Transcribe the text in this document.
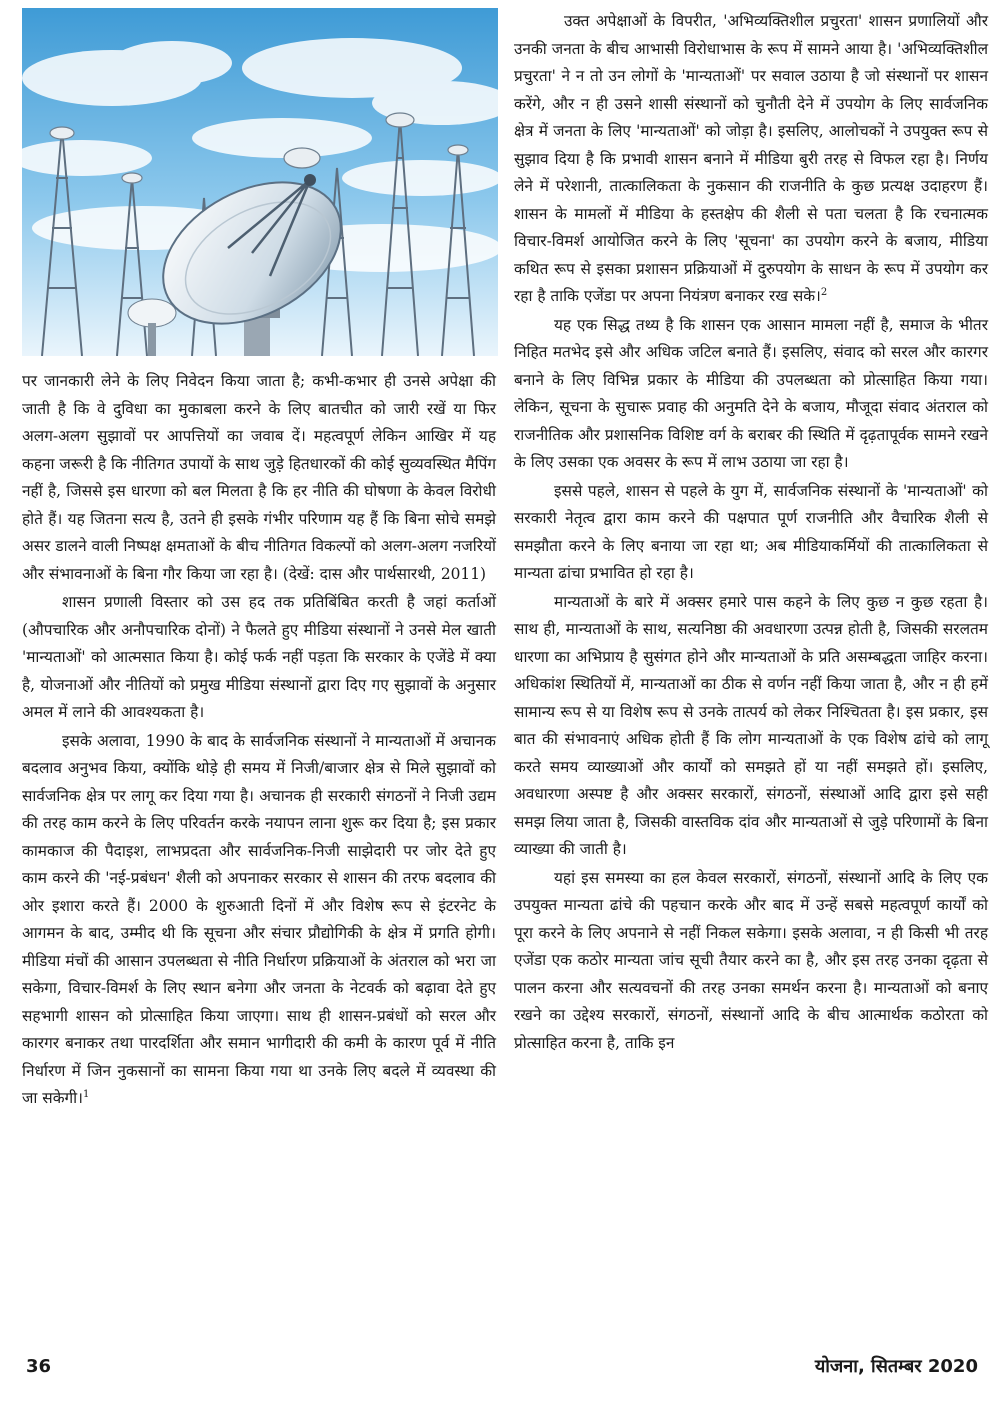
पर जानकारी लेने के लिए निवेदन किया जाता है; कभी-कभार ही उनसे अपेक्षा की जाती है कि वे दुविधा का मुकाबला करने के लिए बातचीत को जारी रखें या फिर अलग-अलग सुझावों पर आपत्तियों का जवाब दें। महत्वपूर्ण लेकिन आखिर में यह कहना जरूरी है कि नीतिगत उपायों के साथ जुड़े हितधारकों की कोई सुव्यवस्थित मैपिंग नहीं है, जिससे इस धारणा को बल मिलता है कि हर नीति की घोषणा के केवल विरोधी होते हैं। यह जितना सत्य है, उतने ही इसके गंभीर परिणाम यह हैं कि बिना सोचे समझे असर डालने वाली निष्पक्ष क्षमताओं के बीच नीतिगत विकल्पों को अलग-अलग नजरियों और संभावनाओं के बिना गौर किया जा रहा है। (देखें: दास और पार्थसारथी, 2011)

शासन प्रणाली विस्तार को उस हद तक प्रतिबिंबित करती है जहां कर्ताओं (औपचारिक और अनौपचारिक दोनों) ने फैलते हुए मीडिया संस्थानों ने उनसे मेल खाती 'मान्यताओं' को आत्मसात किया है। कोई फर्क नहीं पड़ता कि सरकार के एजेंडे में क्या है, योजनाओं और नीतियों को प्रमुख मीडिया संस्थानों द्वारा दिए गए सुझावों के अनुसार अमल में लाने की आवश्यकता है।

इसके अलावा, 1990 के बाद के सार्वजनिक संस्थानों ने मान्यताओं में अचानक बदलाव अनुभव किया, क्योंकि थोड़े ही समय में निजी/बाजार क्षेत्र से मिले सुझावों को सार्वजनिक क्षेत्र पर लागू कर दिया गया है। अचानक ही सरकारी संगठनों ने निजी उद्यम की तरह काम करने के लिए परिवर्तन करके नयापन लाना शुरू कर दिया है; इस प्रकार कामकाज की पैदाइश, लाभप्रदता और सार्वजनिक-निजी साझेदारी पर जोर देते हुए काम करने की 'नई-प्रबंधन' शैली को अपनाकर सरकार से शासन की तरफ बदलाव की ओर इशारा करते हैं। 2000 के शुरुआती दिनों में और विशेष रूप से इंटरनेट के आगमन के बाद, उम्मीद थी कि सूचना और संचार प्रौद्योगिकी के क्षेत्र में प्रगति होगी। मीडिया मंचों की आसान उपलब्धता से नीति निर्धारण प्रक्रियाओं के अंतराल को भरा जा सकेगा, विचार-विमर्श के लिए स्थान बनेगा और जनता के नेटवर्क को बढ़ावा देते हुए सहभागी शासन को प्रोत्साहित किया जाएगा। साथ ही शासन-प्रबंधों को सरल और कारगर बनाकर तथा पारदर्शिता और समान भागीदारी की कमी के कारण पूर्व में नीति निर्धारण में जिन नुकसानों का सामना किया गया था उनके लिए बदले में व्यवस्था की जा सकेगी।$^1$

उक्त अपेक्षाओं के विपरीत, 'अभिव्यक्तिशील प्रचुरता' शासन प्रणालियों और उनकी जनता के बीच आभासी विरोधाभास के रूप में सामने आया है। 'अभिव्यक्तिशील प्रचुरता' ने न तो उन लोगों के 'मान्यताओं' पर सवाल उठाया है जो संस्थानों पर शासन करेंगे, और न ही उसने शासी संस्थानों को चुनौती देने में उपयोग के लिए सार्वजनिक क्षेत्र में जनता के लिए 'मान्यताओं' को जोड़ा है। इसलिए, आलोचकों ने उपयुक्त रूप से सुझाव दिया है कि प्रभावी शासन बनाने में मीडिया बुरी तरह से विफल रहा है। निर्णय लेने में परेशानी, तात्कालिकता के नुकसान की राजनीति के कुछ प्रत्यक्ष उदाहरण हैं। शासन के मामलों में मीडिया के हस्तक्षेप की शैली से पता चलता है कि रचनात्मक विचार-विमर्श आयोजित करने के लिए 'सूचना' का उपयोग करने के बजाय, मीडिया कथित रूप से इसका प्रशासन प्रक्रियाओं में दुरुपयोग के साधन के रूप में उपयोग कर रहा है ताकि एजेंडा पर अपना नियंत्रण बनाकर रख सके।$^2$

यह एक सिद्ध तथ्य है कि शासन एक आसान मामला नहीं है, समाज के भीतर निहित मतभेद इसे और अधिक जटिल बनाते हैं। इसलिए, संवाद को सरल और कारगर बनाने के लिए विभिन्न प्रकार के मीडिया की उपलब्धता को प्रोत्साहित किया गया। लेकिन, सूचना के सुचारू प्रवाह की अनुमति देने के बजाय, मौजूदा संवाद अंतराल को राजनीतिक और प्रशासनिक विशिष्ट वर्ग के बराबर की स्थिति में दृढ़तापूर्वक सामने रखने के लिए उसका एक अवसर के रूप में लाभ उठाया जा रहा है।

इससे पहले, शासन से पहले के युग में, सार्वजनिक संस्थानों के 'मान्यताओं' को सरकारी नेतृत्व द्वारा काम करने की पक्षपात पूर्ण राजनीति और वैचारिक शैली से समझौता करने के लिए बनाया जा रहा था; अब मीडियाकर्मियों की तात्कालिकता से मान्यता ढांचा प्रभावित हो रहा है।

मान्यताओं के बारे में अक्सर हमारे पास कहने के लिए कुछ न कुछ रहता है। साथ ही, मान्यताओं के साथ, सत्यनिष्ठा की अवधारणा उत्पन्न होती है, जिसकी सरलतम धारणा का अभिप्राय है सुसंगत होने और मान्यताओं के प्रति असम्बद्धता जाहिर करना। अधिकांश स्थितियों में, मान्यताओं का ठीक से वर्णन नहीं किया जाता है, और न ही हमें सामान्य रूप से या विशेष रूप से उनके तात्पर्य को लेकर निश्चितता है। इस प्रकार, इस बात की संभावनाएं अधिक होती हैं कि लोग मान्यताओं के एक विशेष ढांचे को लागू करते समय व्याख्याओं और कार्यों को समझते हों या नहीं समझते हों। इसलिए, अवधारणा अस्पष्ट है और अक्सर सरकारों, संगठनों, संस्थाओं आदि द्वारा इसे सही समझ लिया जाता है, जिसकी वास्तविक दांव और मान्यताओं से जुड़े परिणामों के बिना व्याख्या की जाती है।

यहां इस समस्या का हल केवल सरकारों, संगठनों, संस्थानों आदि के लिए एक उपयुक्त मान्यता ढांचे की पहचान करके और बाद में उन्हें सबसे महत्वपूर्ण कार्यों को पूरा करने के लिए अपनाने से नहीं निकल सकेगा। इसके अलावा, न ही किसी भी तरह एजेंडा एक कठोर मान्यता जांच सूची तैयार करने का है, और इस तरह उनका दृढ़ता से पालन करना और सत्यवचनों की तरह उनका समर्थन करना है। मान्यताओं को बनाए रखने का उद्देश्य सरकारों, संगठनों, संस्थानों आदि के बीच आत्मार्थक कठोरता को प्रोत्साहित करना है, ताकि इन

36	योजना, सितम्बर 2020
